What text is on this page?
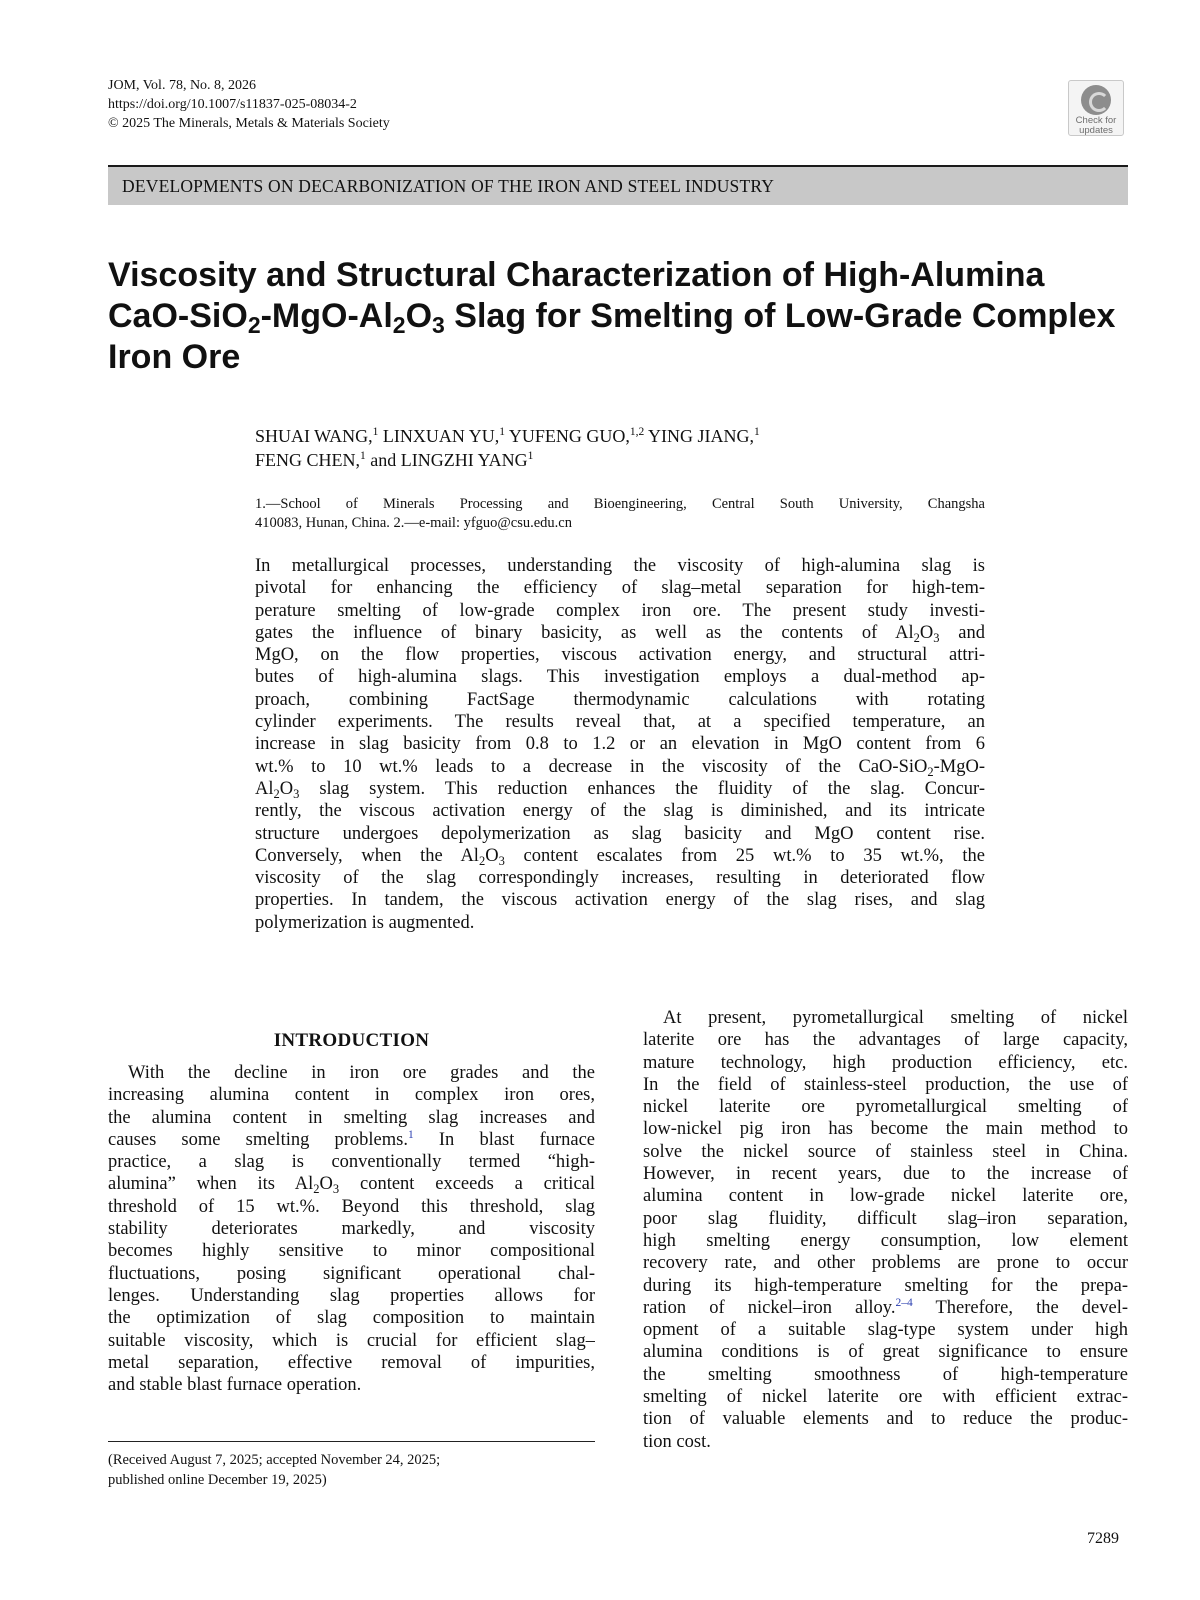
JOM, Vol. 78, No. 8, 2026
https://doi.org/10.1007/s11837-025-08034-2
© 2025 The Minerals, Metals & Materials Society	Check for
updates
DEVELOPMENTS ON DECARBONIZATION OF THE IRON AND STEEL INDUSTRY
Viscosity and Structural Characterization of High-Alumina
CaO-$SiO_2-MgO-Al_2O_3$ Slag for Smelting of Low-Grade Complex
Iron Ore
SHUAI WANG,$^1$ LINXUAN YU,$^1$ YUFENG GUO,$^{1,2}$ YING JIANG,$^1$
FENG CHEN,$^1$ and LINGZHI YANG$^1$
1.—School of Minerals Processing and Bioengineering, Central South University, Changsha
410083, Hunan, China. 2.—e-mail: yfguo@csu.edu.cn
In metallurgical processes, understanding the viscosity of high-alumina slag is
pivotal for enhancing the efficiency of slag–metal separation for high-tem-
perature smelting of low-grade complex iron ore. The present study investi-
gates the influence of binary basicity, as well as the contents of $Al_2O_3$ and
MgO, on the flow properties, viscous activation energy, and structural attri-
butes of high-alumina slags. This investigation employs a dual-method ap-
proach, combining FactSage thermodynamic calculations with rotating
cylinder experiments. The results reveal that, at a specified temperature, an
increase in slag basicity from 0.8 to 1.2 or an elevation in MgO content from 6
wt.% to 10 wt.% leads to a decrease in the viscosity of the CaO-SiO$_2$-MgO-
$Al_2O_3$ slag system. This reduction enhances the fluidity of the slag. Concur-
rently, the viscous activation energy of the slag is diminished, and its intricate
structure undergoes depolymerization as slag basicity and MgO content rise.
Conversely, when the $Al_2O_3$ content escalates from 25 wt.% to 35 wt.%, the
viscosity of the slag correspondingly increases, resulting in deteriorated flow
properties. In tandem, the viscous activation energy of the slag rises, and slag
polymerization is augmented.
INTRODUCTION
With the decline in iron ore grades and the
increasing alumina content in complex iron ores,
the alumina content in smelting slag increases and
causes some smelting problems.$^1$ In blast furnace
practice, a slag is conventionally termed “high-
alumina” when its $Al_2O_3$ content exceeds a critical
threshold of 15 wt.%. Beyond this threshold, slag
stability deteriorates markedly, and viscosity
becomes highly sensitive to minor compositional
fluctuations, posing significant operational chal-
lenges. Understanding slag properties allows for
the optimization of slag composition to maintain
suitable viscosity, which is crucial for efficient slag–
metal separation, effective removal of impurities,
and stable blast furnace operation.
(Received August 7, 2025; accepted November 24, 2025;
published online December 19, 2025)
At present, pyrometallurgical smelting of nickel
laterite ore has the advantages of large capacity,
mature technology, high production efficiency, etc.
In the field of stainless-steel production, the use of
nickel laterite ore pyrometallurgical smelting of
low-nickel pig iron has become the main method to
solve the nickel source of stainless steel in China.
However, in recent years, due to the increase of
alumina content in low-grade nickel laterite ore,
poor slag fluidity, difficult slag–iron separation,
high smelting energy consumption, low element
recovery rate, and other problems are prone to occur
during its high-temperature smelting for the prepa-
ration of nickel–iron alloy.$^{2-4}$ Therefore, the devel-
opment of a suitable slag-type system under high
alumina conditions is of great significance to ensure
the smelting smoothness of high-temperature
smelting of nickel laterite ore with efficient extrac-
tion of valuable elements and to reduce the produc-
tion cost.
7289
